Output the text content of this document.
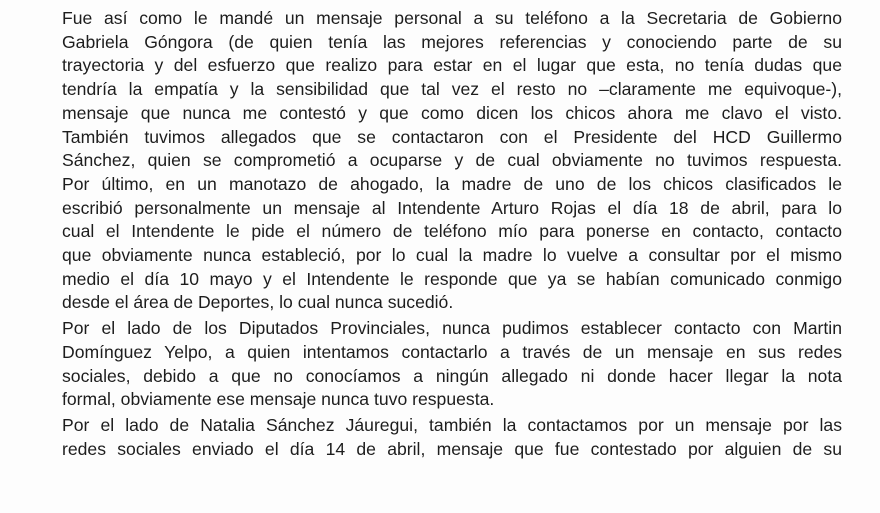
Fue así como le mandé un mensaje personal a su teléfono a la Secretaria de Gobierno
Gabriela Góngora (de quien tenía las mejores referencias y conociendo parte de su
trayectoria y del esfuerzo que realizo para estar en el lugar que esta, no tenía dudas que
tendría la empatía y la sensibilidad que tal vez el resto no –claramente me equivoque-),
mensaje que nunca me contestó y que como dicen los chicos ahora me clavo el visto.
También tuvimos allegados que se contactaron con el Presidente del HCD Guillermo
Sánchez, quien se comprometió a ocuparse y de cual obviamente no tuvimos respuesta.
Por último, en un manotazo de ahogado, la madre de uno de los chicos clasificados le
escribió personalmente un mensaje al Intendente Arturo Rojas el día 18 de abril, para lo
cual el Intendente le pide el número de teléfono mío para ponerse en contacto, contacto
que obviamente nunca estableció, por lo cual la madre lo vuelve a consultar por el mismo
medio el día 10 mayo y el Intendente le responde que ya se habían comunicado conmigo
desde el área de Deportes, lo cual nunca sucedió.
Por el lado de los Diputados Provinciales, nunca pudimos establecer contacto con Martin
Domínguez Yelpo, a quien intentamos contactarlo a través de un mensaje en sus redes
sociales, debido a que no conocíamos a ningún allegado ni donde hacer llegar la nota
formal, obviamente ese mensaje nunca tuvo respuesta.
Por el lado de Natalia Sánchez Jáuregui, también la contactamos por un mensaje por las
redes sociales enviado el día 14 de abril, mensaje que fue contestado por alguien de su
